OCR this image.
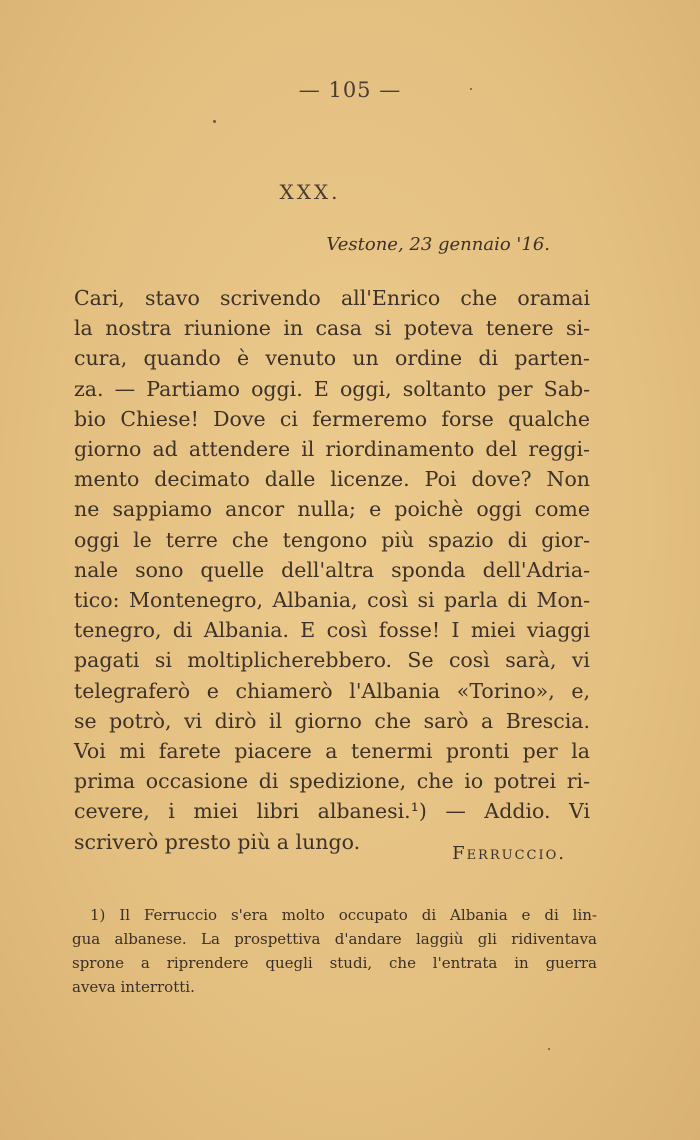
— 105 —
XXX.
Vestone, 23 gennaio '16.
Cari, stavo scrivendo all'Enrico che oramai
la nostra riunione in casa si poteva tenere si-
cura, quando è venuto un ordine di parten-
za. — Partiamo oggi. E oggi, soltanto per Sab-
bio Chiese! Dove ci fermeremo forse qualche
giorno ad attendere il riordinamento del reggi-
mento decimato dalle licenze. Poi dove? Non
ne sappiamo ancor nulla; e poichè oggi come
oggi le terre che tengono più spazio di gior-
nale sono quelle dell'altra sponda dell'Adria-
tico: Montenegro, Albania, così si parla di Mon-
tenegro, di Albania. E così fosse! I miei viaggi
pagati si moltiplicherebbero. Se così sarà, vi
telegraferò e chiamerò l'Albania «Torino», e,
se potrò, vi dirò il giorno che sarò a Brescia.
Voi mi farete piacere a tenermi pronti per la
prima occasione di spedizione, che io potrei ri-
cevere, i miei libri albanesi.¹) — Addio. Vi
scriverò presto più a lungo.	Ferruccio.
1) Il Ferruccio s'era molto occupato di Albania e di lin-
gua albanese. La prospettiva d'andare laggiù gli ridiventava
sprone a riprendere quegli studi, che l'entrata in guerra
aveva interrotti.
